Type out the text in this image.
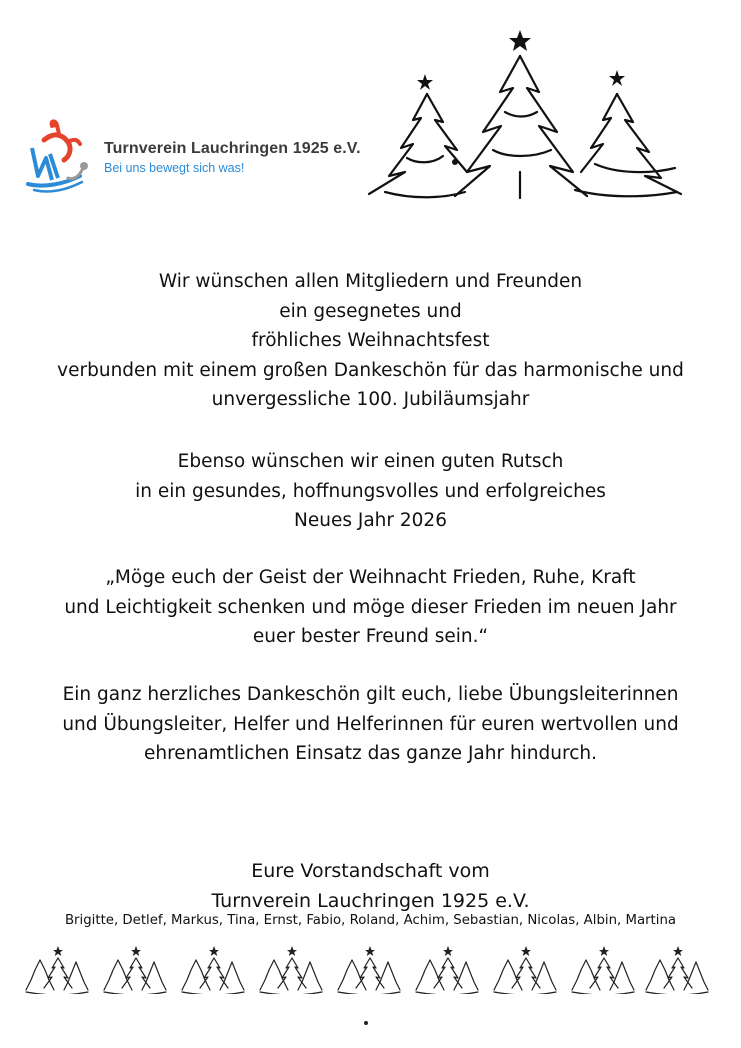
Turnverein Lauchringen 1925 e.V.
Bei uns bewegt sich was!

Wir wünschen allen Mitgliedern und Freunden

ein gesegnetes und

fröhliches Weihnachtsfest

verbunden mit einem großen Dankeschön für das harmonische und

unvergessliche 100. Jubiläumsjahr

Ebenso wünschen wir einen guten Rutsch

in ein gesundes, hoffnungsvolles und erfolgreiches

Neues Jahr 2026

„Möge euch der Geist der Weihnacht Frieden, Ruhe, Kraft

und Leichtigkeit schenken und möge dieser Frieden im neuen Jahr

euer bester Freund sein.“

Ein ganz herzliches Dankeschön gilt euch, liebe Übungsleiterinnen

und Übungsleiter, Helfer und Helferinnen für euren wertvollen und

ehrenamtlichen Einsatz das ganze Jahr hindurch.

Eure Vorstandschaft vom

Turnverein Lauchringen 1925 e.V.

Brigitte, Detlef, Markus, Tina, Ernst, Fabio, Roland, Achim, Sebastian, Nicolas, Albin, Martina
